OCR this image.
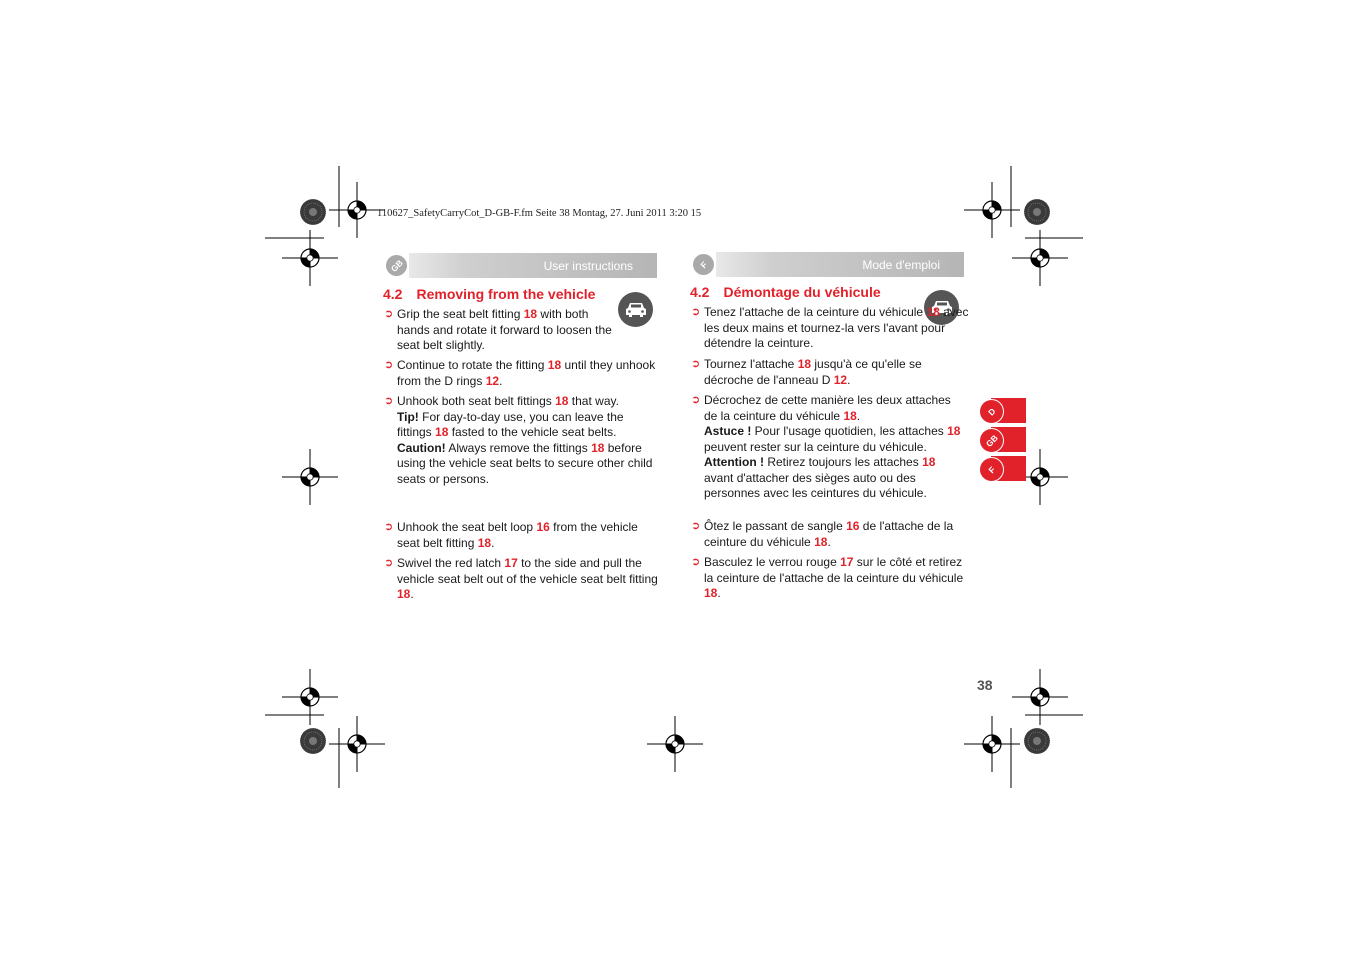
110627_SafetyCarryCot_D-GB-F.fm Seite 38 Montag, 27. Juni 2011 3:20 15
GB	User instructions
4.2 Removing from the vehicle
➲ Grip the seat belt fitting 18 with both hands and rotate it forward to loosen the seat belt slightly.
➲ Continue to rotate the fitting 18 until they unhook from the D rings 12.
➲ Unhook both seat belt fittings 18 that way.
Tip! For day-to-day use, you can leave the fittings 18 fasted to the vehicle seat belts.
Caution! Always remove the fittings 18 before using the vehicle seat belts to secure other child seats or persons.
➲ Unhook the seat belt loop 16 from the vehicle seat belt fitting 18.
➲ Swivel the red latch 17 to the side and pull the vehicle seat belt out of the vehicle seat belt fitting 18.
F	Mode d'emploi
4.2 Démontage du véhicule
➲ Tenez l'attache de la ceinture du véhicule 18 avec les deux mains et tournez-la vers l'avant pour détendre la ceinture.
➲ Tournez l'attache 18 jusqu'à ce qu'elle se décroche de l'anneau D 12.
➲ Décrochez de cette manière les deux attaches de la ceinture du véhicule 18.
Astuce ! Pour l'usage quotidien, les attaches 18 peuvent rester sur la ceinture du véhicule.
Attention ! Retirez toujours les attaches 18 avant d'attacher des sièges auto ou des personnes avec les ceintures du véhicule.
➲ Ôtez le passant de sangle 16 de l'attache de la ceinture du véhicule 18.
➲ Basculez le verrou rouge 17 sur le côté et retirez la ceinture de l'attache de la ceinture du véhicule 18.
D
GB
F
38
